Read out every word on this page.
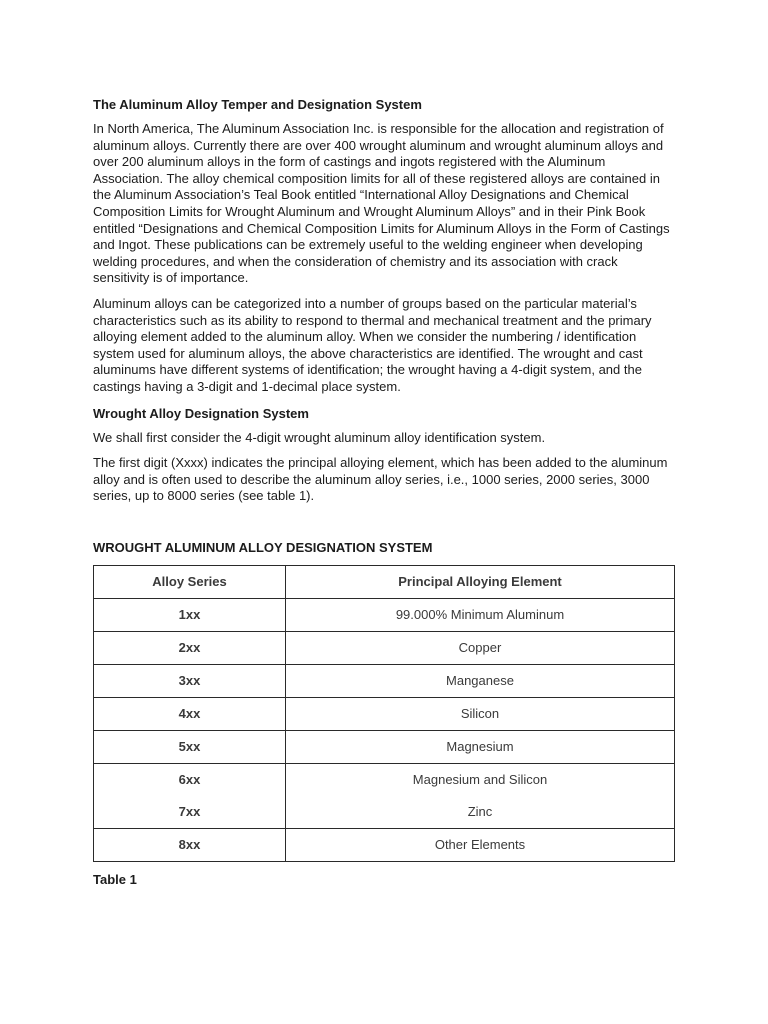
The Aluminum Alloy Temper and Designation System

In North America, The Aluminum Association Inc. is responsible for the allocation and registration of aluminum alloys. Currently there are over 400 wrought aluminum and wrought aluminum alloys and over 200 aluminum alloys in the form of castings and ingots registered with the Aluminum Association. The alloy chemical composition limits for all of these registered alloys are contained in the Aluminum Association’s Teal Book entitled “International Alloy Designations and Chemical Composition Limits for Wrought Aluminum and Wrought Aluminum Alloys” and in their Pink Book entitled “Designations and Chemical Composition Limits for Aluminum Alloys in the Form of Castings and Ingot. These publications can be extremely useful to the welding engineer when developing welding procedures, and when the consideration of chemistry and its association with crack sensitivity is of importance.

Aluminum alloys can be categorized into a number of groups based on the particular material’s characteristics such as its ability to respond to thermal and mechanical treatment and the primary alloying element added to the aluminum alloy. When we consider the numbering / identification system used for aluminum alloys, the above characteristics are identified. The wrought and cast aluminums have different systems of identification; the wrought having a 4-digit system, and the castings having a 3-digit and 1-decimal place system.

Wrought Alloy Designation System

We shall first consider the 4-digit wrought aluminum alloy identification system.

The first digit (Xxxx) indicates the principal alloying element, which has been added to the aluminum alloy and is often used to describe the aluminum alloy series, i.e., 1000 series, 2000 series, 3000 series, up to 8000 series (see table 1).

WROUGHT ALUMINUM ALLOY DESIGNATION SYSTEM
Alloy Series	Principal Alloying Element
1xx	99.000% Minimum Aluminum
2xx	Copper
3xx	Manganese
4xx	Silicon
5xx	Magnesium
6xx	Magnesium and Silicon
7xx	Zinc
8xx	Other Elements
Table 1
